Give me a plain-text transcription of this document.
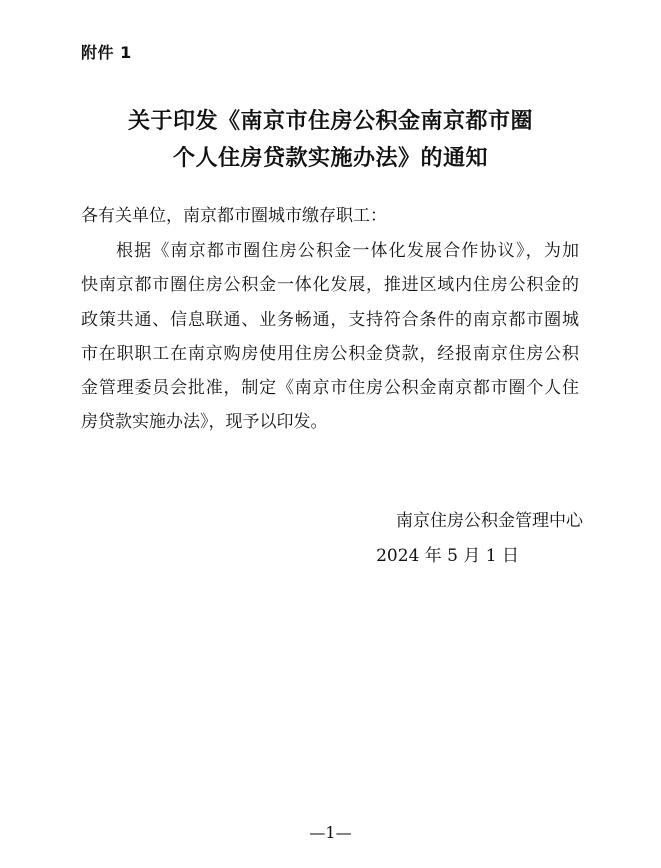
附件 1
关于印发《南京市住房公积金南京都市圈
个人住房贷款实施办法》的通知
各有关单位，南京都市圈城市缴存职工：
根据《南京都市圈住房公积金一体化发展合作协议》，为加
快南京都市圈住房公积金一体化发展，推进区域内住房公积金的
政策共通、信息联通、业务畅通，支持符合条件的南京都市圈城
市在职职工在南京购房使用住房公积金贷款，经报南京住房公积
金管理委员会批准，制定《南京市住房公积金南京都市圈个人住
房贷款实施办法》，现予以印发。
南京住房公积金管理中心
2024 年 5 月 1 日
—1—
